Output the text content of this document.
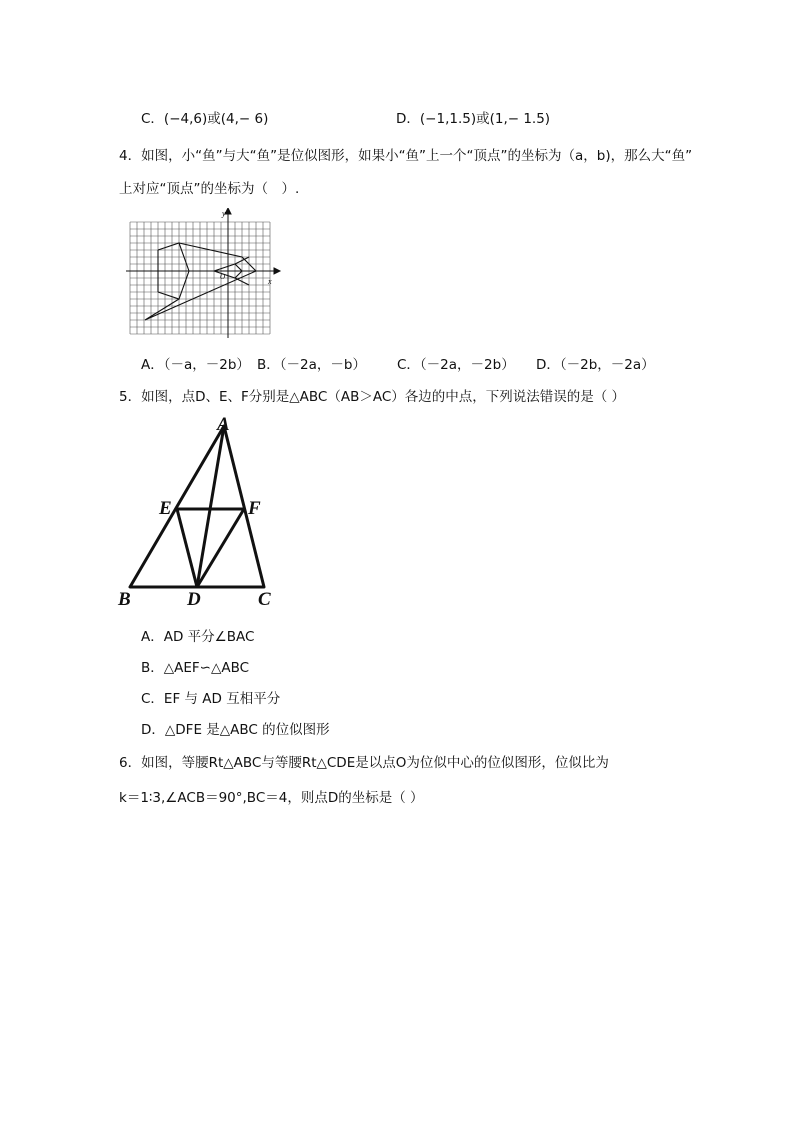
C．(−4,6)或(4,− 6)	D．(−1,1.5)或(1,− 1.5)
4．如图，小“鱼”与大“鱼”是位似图形，如果小“鱼”上一个“顶点”的坐标为（a，b)，那么大“鱼”
上对应“顶点”的坐标为（　）.
x
y
O
A．（－a，－2b） B．（－2a，－b） C．（－2a，－2b） D．（－2b，－2a）
5．如图，点D、E、F分别是△ABC（AB＞AC）各边的中点，下列说法错误的是（ ）
A
E	F
B	D	C
A．AD 平分∠BAC
B．△AEF∽△ABC
C．EF 与 AD 互相平分
D．△DFE 是△ABC 的位似图形
6．如图，等腰Rt△ABC与等腰Rt△CDE是以点O为位似中心的位似图形，位似比为
k＝1∶3,∠ACB＝90°,BC＝4，则点D的坐标是（ ）
